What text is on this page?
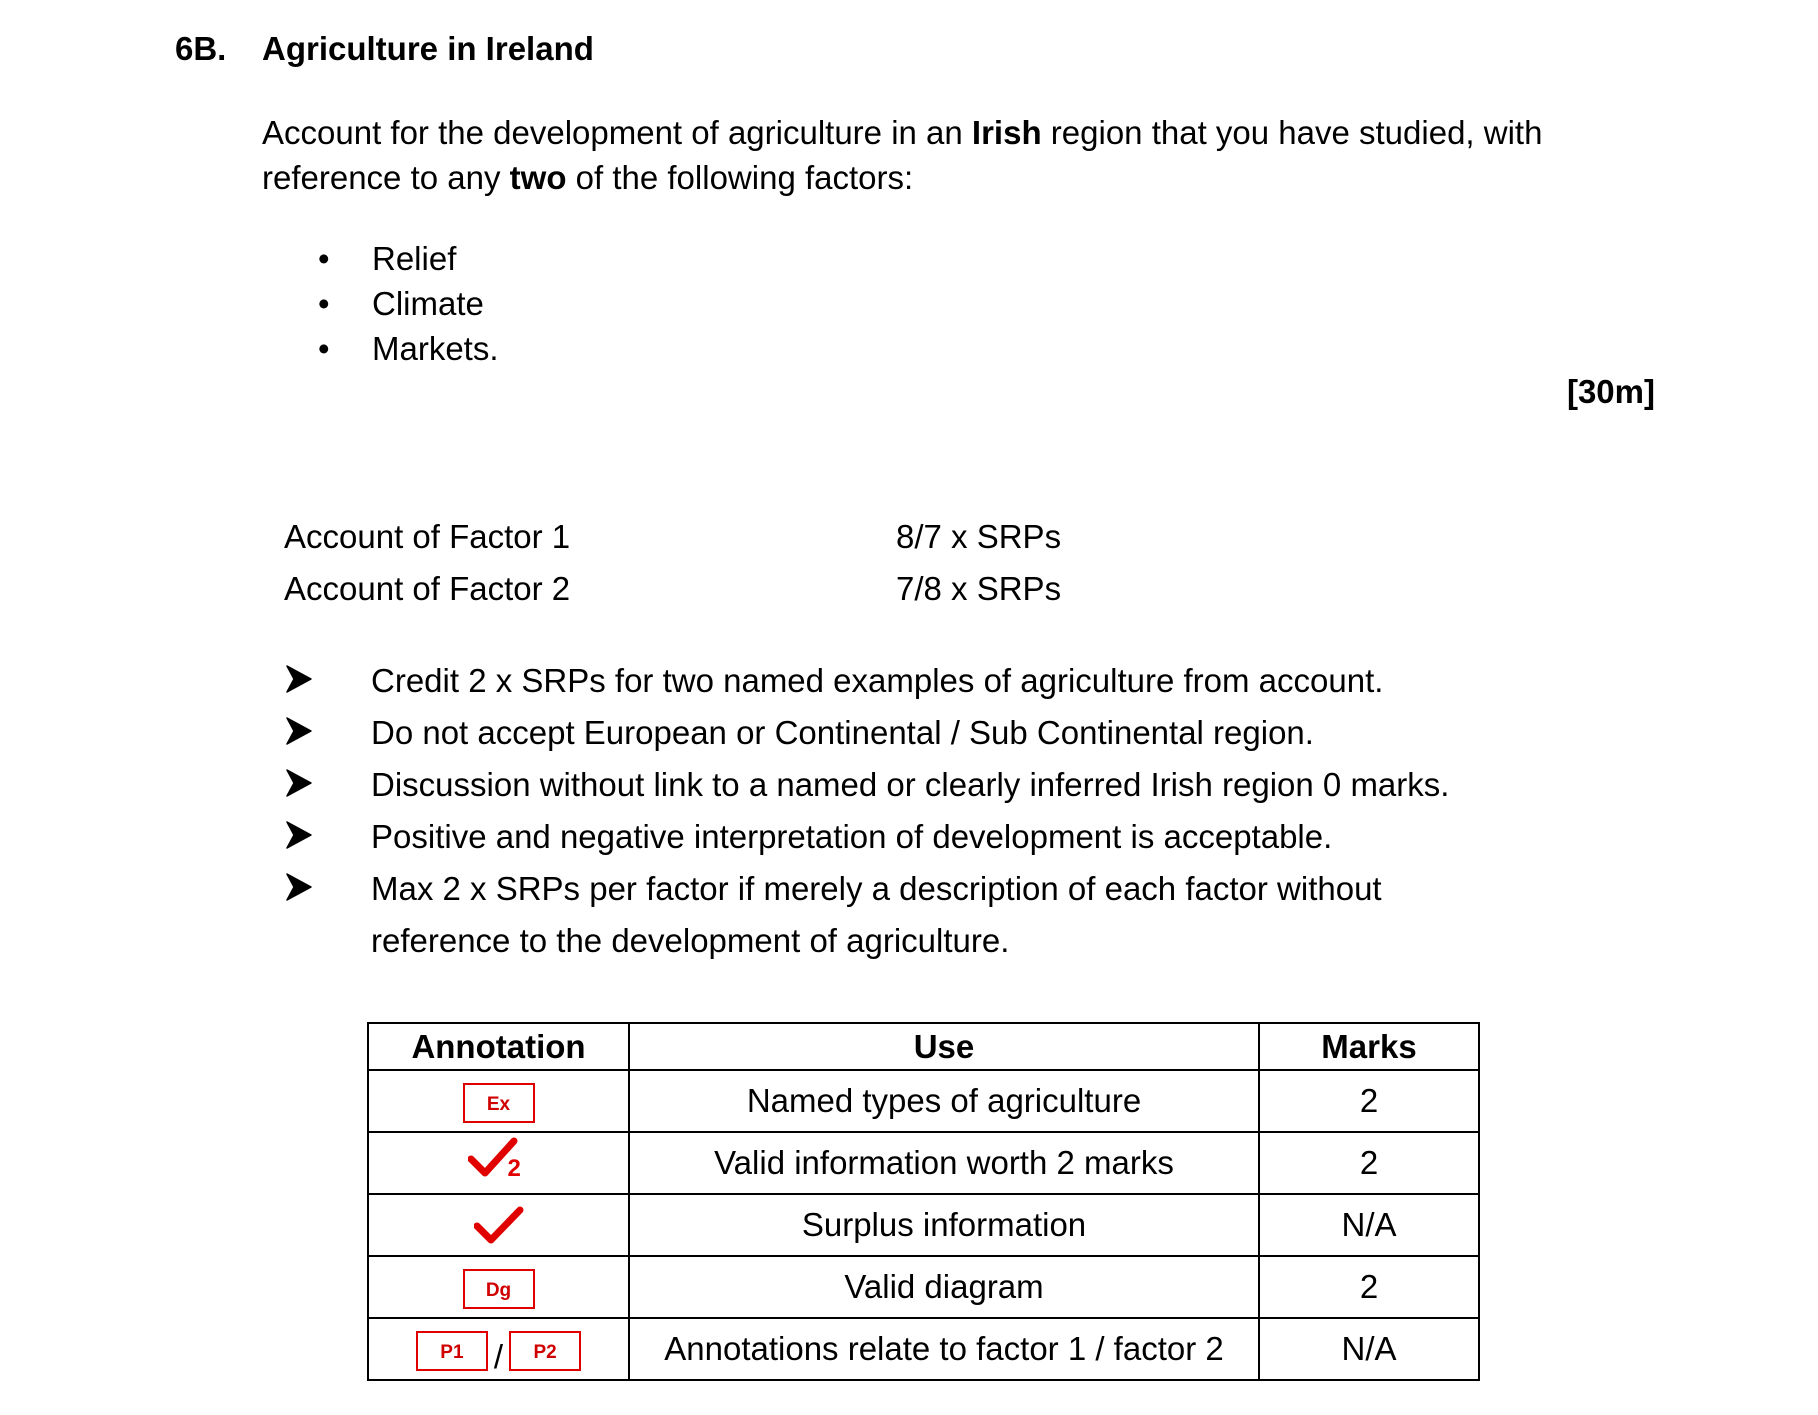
6B. Agriculture in Ireland
Account for the development of agriculture in an Irish region that you have studied, with reference to any two of the following factors:
• Relief
• Climate
• Markets.
[30m]
Account of Factor 1	8/7 x SRPs
Account of Factor 2	7/8 x SRPs
Credit 2 x SRPs for two named examples of agriculture from account.
Do not accept European or Continental / Sub Continental region.
Discussion without link to a named or clearly inferred Irish region 0 marks.
Positive and negative interpretation of development is acceptable.
Max 2 x SRPs per factor if merely a description of each factor without
reference to the development of agriculture.
Annotation	Use	Marks
Ex	Named types of agriculture	2

2	Valid information worth 2 marks	2
	Surplus information	N/A
Dg	Valid diagram	2
P1 / P2	Annotations relate to factor 1 / factor 2	N/A
